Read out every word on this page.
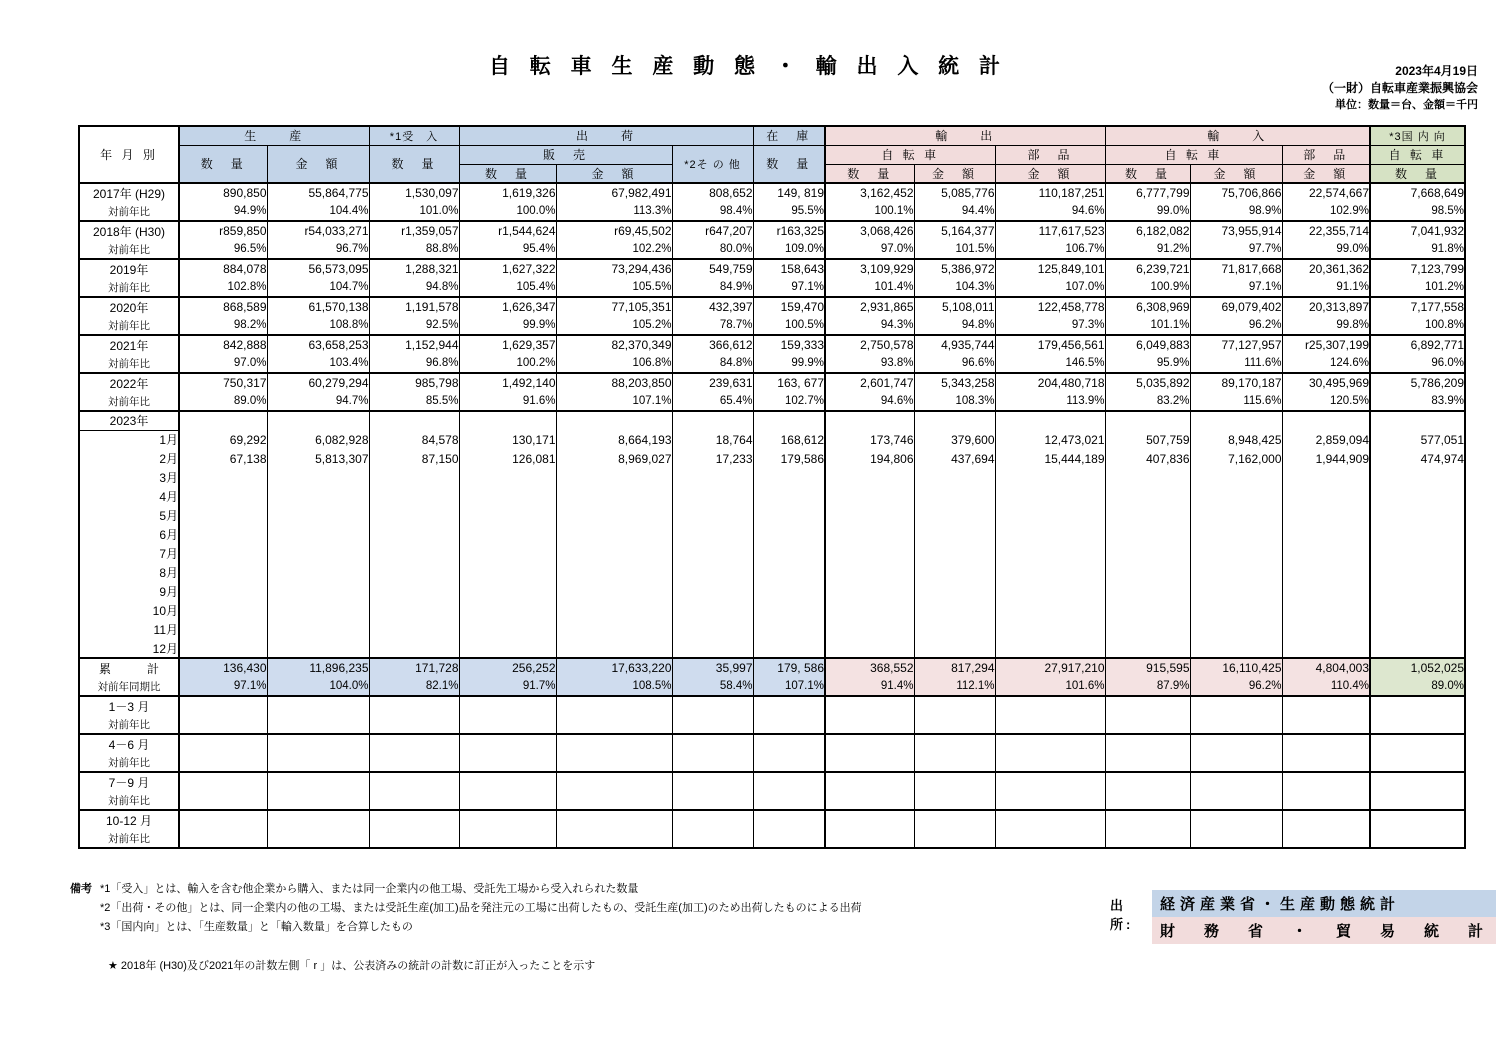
自 転 車 生 産 動 態 ・ 輸 出 入 統 計	2023年4月19日
（一財）自転車産業振興協会
単位：数量＝台、金額＝千円
年 月 別	生　　産		*1受　入	出　　荷			在　庫	輸　　出			輸　　入			*3国 内 向
	数　量	金　額	数　量	販　売		*2そ の 他	数　量	自 転 車		部　品	自 転 車		部　品	自 転 車
				数　量	金　額			数　量	金　額	金　額	数　量	金　額	金　額	数　量
2017年 (H29)	890,850	55,864,775	1,530,097	1,619,326	67,982,491	808,652	149, 819	3,162,452	5,085,776	110,187,251	6,777,799	75,706,866	22,574,667	7,668,649
対前年比	94.9%	104.4%	101.0%	100.0%	113.3%	98.4%	95.5%	100.1%	94.4%	94.6%	99.0%	98.9%	102.9%	98.5%
2018年 (H30)	r859,850	r54,033,271	r1,359,057	r1,544,624	r69,45,502	r647,207	r163,325	3,068,426	5,164,377	117,617,523	6,182,082	73,955,914	22,355,714	7,041,932
対前年比	96.5%	96.7%	88.8%	95.4%	102.2%	80.0%	109.0%	97.0%	101.5%	106.7%	91.2%	97.7%	99.0%	91.8%
2019年	884,078	56,573,095	1,288,321	1,627,322	73,294,436	549,759	158,643	3,109,929	5,386,972	125,849,101	6,239,721	71,817,668	20,361,362	7,123,799
対前年比	102.8%	104.7%	94.8%	105.4%	105.5%	84.9%	97.1%	101.4%	104.3%	107.0%	100.9%	97.1%	91.1%	101.2%
2020年	868,589	61,570,138	1,191,578	1,626,347	77,105,351	432,397	159,470	2,931,865	5,108,011	122,458,778	6,308,969	69,079,402	20,313,897	7,177,558
対前年比	98.2%	108.8%	92.5%	99.9%	105.2%	78.7%	100.5%	94.3%	94.8%	97.3%	101.1%	96.2%	99.8%	100.8%
2021年	842,888	63,658,253	1,152,944	1,629,357	82,370,349	366,612	159,333	2,750,578	4,935,744	179,456,561	6,049,883	77,127,957	r25,307,199	6,892,771
対前年比	97.0%	103.4%	96.8%	100.2%	106.8%	84.8%	99.9%	93.8%	96.6%	146.5%	95.9%	111.6%	124.6%	96.0%
2022年	750,317	60,279,294	985,798	1,492,140	88,203,850	239,631	163, 677	2,601,747	5,343,258	204,480,718	5,035,892	89,170,187	30,495,969	5,786,209
対前年比	89.0%	94.7%	85.5%	91.6%	107.1%	65.4%	102.7%	94.6%	108.3%	113.9%	83.2%	115.6%	120.5%	83.9%
2023年														
1月	69,292	6,082,928	84,578	130,171	8,664,193	18,764	168,612	173,746	379,600	12,473,021	507,759	8,948,425	2,859,094	577,051
2月	67,138	5,813,307	87,150	126,081	8,969,027	17,233	179,586	194,806	437,694	15,444,189	407,836	7,162,000	1,944,909	474,974
3月														
4月														
5月														
6月														
7月														
8月														
9月														
10月														
11月														
12月														
累　　　計	136,430	11,896,235	171,728	256,252	17,633,220	35,997	179, 586	368,552	817,294	27,917,210	915,595	16,110,425	4,804,003	1,052,025
対前年同期比	97.1%	104.0%	82.1%	91.7%	108.5%	58.4%	107.1%	91.4%	112.1%	101.6%	87.9%	96.2%	110.4%	89.0%
1－3 月														
対前年比														
4－6 月														
対前年比														
7－9 月														
対前年比														
10-12 月														
対前年比														
備考 *1「受入」とは、輸入を含む他企業から購入、または同一企業内の他工場、受託先工場から受入れられた数量
*2「出荷・その他」とは、同一企業内の他の工場、または受託生産(加工)品を発注元の工場に出荷したもの、受託生産(加工)のため出荷したものによる出荷
*3「国内向」とは、「生産数量」と「輸入数量」を合算したもの
★ 2018年 (H30)及び2021年の計数左側「 r 」は、公表済みの統計の計数に訂正が入ったことを示す
出 所:
経済産業省・生産動態統計
財　務　省　・　貿　易　統　計
